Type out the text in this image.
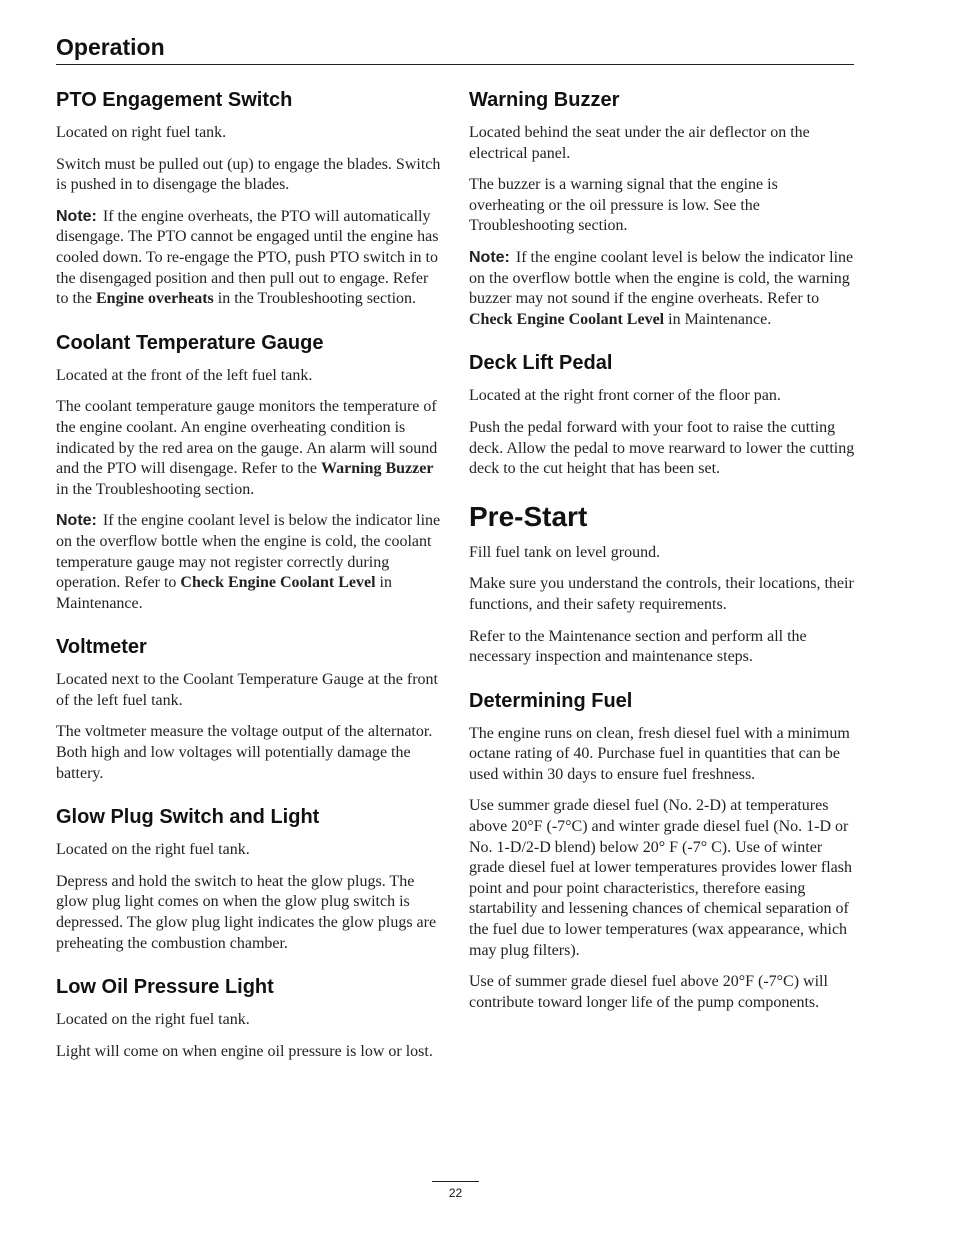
Operation
PTO Engagement Switch

Located on right fuel tank.

Switch must be pulled out (up) to engage the blades. Switch is pushed in to disengage the blades.

Note: If the engine overheats, the PTO will automatically disengage. The PTO cannot be engaged until the engine has cooled down. To re-engage the PTO, push PTO switch in to the disengaged position and then pull out to engage. Refer to the Engine overheats in the Troubleshooting section.

Coolant Temperature Gauge

Located at the front of the left fuel tank.

The coolant temperature gauge monitors the temperature of the engine coolant. An engine overheating condition is indicated by the red area on the gauge. An alarm will sound and the PTO will disengage. Refer to the Warning Buzzer in the Troubleshooting section.

Note: If the engine coolant level is below the indicator line on the overflow bottle when the engine is cold, the coolant temperature gauge may not register correctly during operation. Refer to Check Engine Coolant Level in Maintenance.

Voltmeter

Located next to the Coolant Temperature Gauge at the front of the left fuel tank.

The voltmeter measure the voltage output of the alternator. Both high and low voltages will potentially damage the battery.

Glow Plug Switch and Light

Located on the right fuel tank.

Depress and hold the switch to heat the glow plugs. The glow plug light comes on when the glow plug switch is depressed. The glow plug light indicates the glow plugs are preheating the combustion chamber.

Low Oil Pressure Light

Located on the right fuel tank.

Light will come on when engine oil pressure is low or lost.

Warning Buzzer

Located behind the seat under the air deflector on the electrical panel.

The buzzer is a warning signal that the engine is overheating or the oil pressure is low. See the Troubleshooting section.

Note: If the engine coolant level is below the indicator line on the overflow bottle when the engine is cold, the warning buzzer may not sound if the engine overheats. Refer to Check Engine Coolant Level in Maintenance.

Deck Lift Pedal

Located at the right front corner of the floor pan.

Push the pedal forward with your foot to raise the cutting deck. Allow the pedal to move rearward to lower the cutting deck to the cut height that has been set.

Pre-Start

Fill fuel tank on level ground.

Make sure you understand the controls, their locations, their functions, and their safety requirements.

Refer to the Maintenance section and perform all the necessary inspection and maintenance steps.

Determining Fuel

The engine runs on clean, fresh diesel fuel with a minimum octane rating of 40. Purchase fuel in quantities that can be used within 30 days to ensure fuel freshness.

Use summer grade diesel fuel (No. 2-D) at temperatures above 20°F (-7°C) and winter grade diesel fuel (No. 1-D or No. 1-D/2-D blend) below 20° F (-7° C). Use of winter grade diesel fuel at lower temperatures provides lower flash point and pour point characteristics, therefore easing startability and lessening chances of chemical separation of the fuel due to lower temperatures (wax appearance, which may plug filters).

Use of summer grade diesel fuel above 20°F (-7°C) will contribute toward longer life of the pump components.

22
